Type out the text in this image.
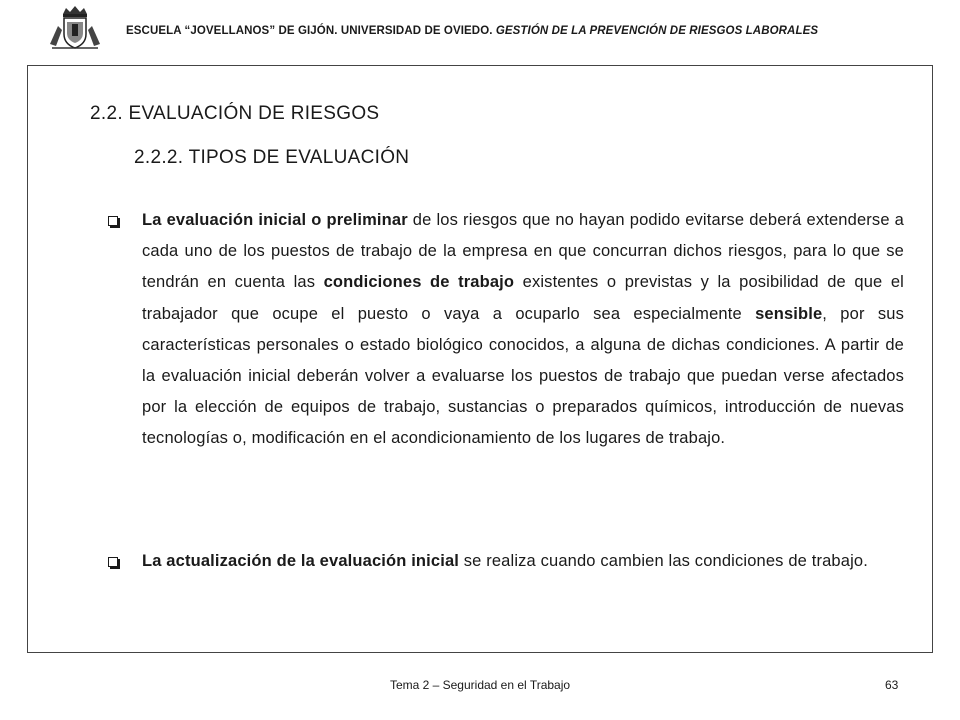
ESCUELA “JOVELLANOS” DE GIJÓN. UNIVERSIDAD DE OVIEDO. GESTIÓN DE LA PREVENCIÓN DE RIESGOS LABORALES
2.2. EVALUACIÓN DE RIESGOS
2.2.2. TIPOS DE EVALUACIÓN
La evaluación inicial o preliminar de los riesgos que no hayan podido evitarse deberá extenderse a cada uno de los puestos de trabajo de la empresa en que concurran dichos riesgos, para lo que se tendrán en cuenta las condiciones de trabajo existentes o previstas y la posibilidad de que el trabajador que ocupe el puesto o vaya a ocuparlo sea especialmente sensible, por sus características personales o estado biológico conocidos, a alguna de dichas condiciones. A partir de la evaluación inicial deberán volver a evaluarse los puestos de trabajo que puedan verse afectados por la elección de equipos de trabajo, sustancias o preparados químicos, introducción de nuevas tecnologías o, modificación en el acondicionamiento de los lugares de trabajo.
La actualización de la evaluación inicial se realiza cuando cambien las condiciones de trabajo.
Tema 2 – Seguridad en el Trabajo	63
